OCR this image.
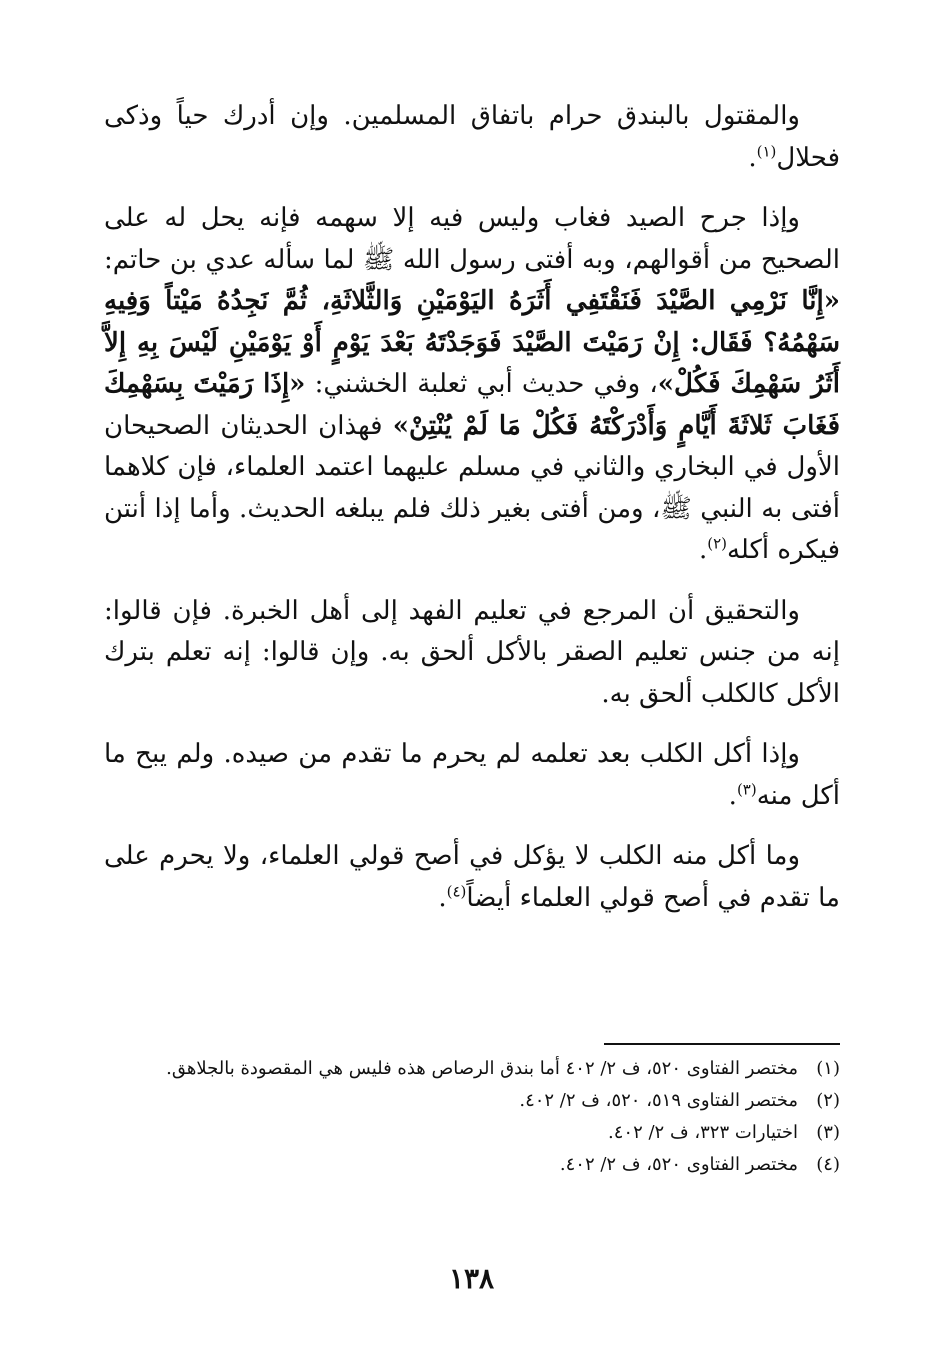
والمقتول بالبندق حرام باتفاق المسلمين. وإن أدرك حياً وذكى فحلال$^{(١)}$.

وإذا جرح الصيد فغاب وليس فيه إلا سهمه فإنه يحل له على الصحيح من أقوالهم، وبه أفتى رسول الله ﷺ لما سأله عدي بن حاتم: «إِنَّا نَرْمِي الصَّيْدَ فَنَقْتَفِي أَثَرَهُ اليَوْمَيْنِ وَالثَّلاثَةِ، ثُمَّ نَجِدُهُ مَيْتاً وَفِيهِ سَهْمُهُ؟ فَقَال: إِنْ رَمَيْتَ الصَّيْدَ فَوَجَدْتَهُ بَعْدَ يَوْمٍ أَوْ يَوْمَيْنِ لَيْسَ بِهِ إِلاَّ أَثَرُ سَهْمِكَ فَكُلْ»، وفي حديث أبي ثعلبة الخشني: «إِذَا رَمَيْتَ بِسَهْمِكَ فَغَابَ ثَلاثَةَ أَيَّامٍ وَأَدْرَكْتَهُ فَكُلْ مَا لَمْ يُنْتِنْ» فهذان الحديثان الصحيحان الأول في البخاري والثاني في مسلم عليهما اعتمد العلماء، فإن كلاهما أفتى به النبي ﷺ، ومن أفتى بغير ذلك فلم يبلغه الحديث. وأما إذا أنتن فيكره أكله$^{(٢)}$.

والتحقيق أن المرجع في تعليم الفهد إلى أهل الخبرة. فإن قالوا: إنه من جنس تعليم الصقر بالأكل ألحق به. وإن قالوا: إنه تعلم بترك الأكل كالكلب ألحق به.

وإذا أكل الكلب بعد تعلمه لم يحرم ما تقدم من صيده. ولم يبح ما أكل منه$^{(٣)}$.

وما أكل منه الكلب لا يؤكل في أصح قولي العلماء، ولا يحرم على ما تقدم في أصح قولي العلماء أيضاً$^{(٤)}$.

(١)مختصر الفتاوى ٥٢٠، ف ٢/ ٤٠٢ أما بندق الرصاص هذه فليس هي المقصودة بالجلاهق.

(٢)مختصر الفتاوى ٥١٩، ٥٢٠، ف ٢/ ٤٠٢.

(٣)اختيارات ٣٢٣، ف ٢/ ٤٠٢.

(٤)مختصر الفتاوى ٥٢٠، ف ٢/ ٤٠٢.

١٣٨
